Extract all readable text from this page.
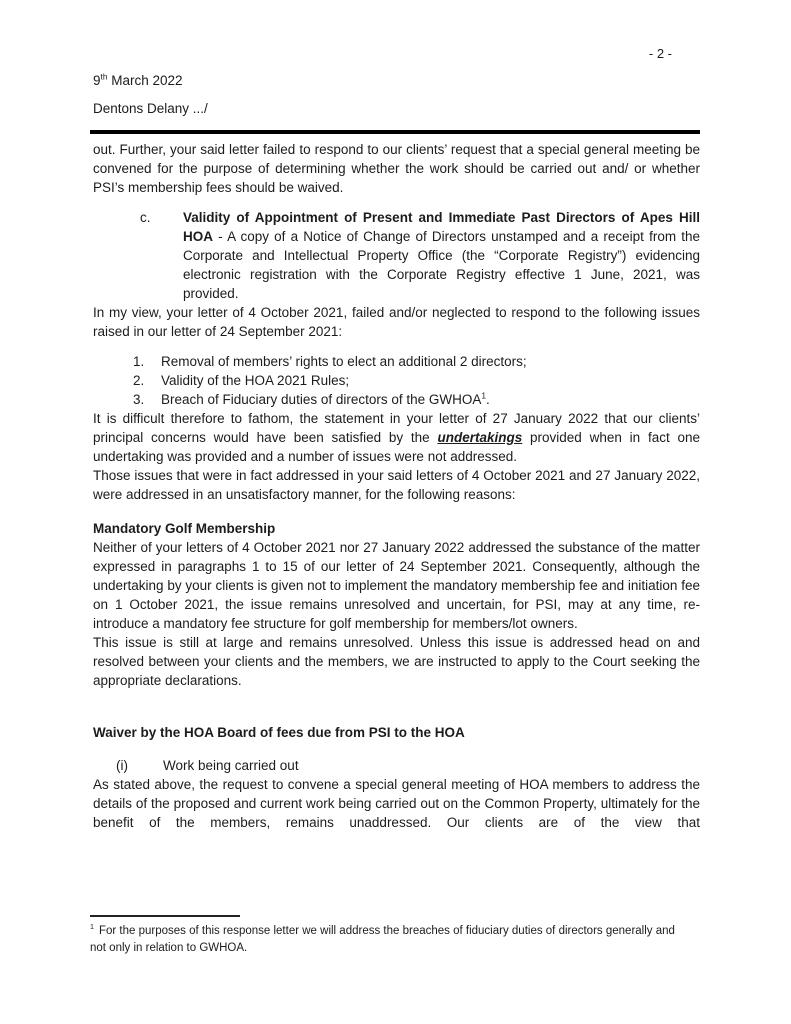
- 2 -
9th March 2022
Dentons Delany .../

out. Further, your said letter failed to respond to our clients’ request that a special general meeting be convened for the purpose of determining whether the work should be carried out and/ or whether PSI’s membership fees should be waived.

c.	Validity of Appointment of Present and Immediate Past Directors of Apes Hill HOA - A copy of a Notice of Change of Directors unstamped and a receipt from the Corporate and Intellectual Property Office (the “Corporate Registry”) evidencing electronic registration with the Corporate Registry effective 1 June, 2021, was provided.

In my view, your letter of 4 October 2021, failed and/or neglected to respond to the following issues raised in our letter of 24 September 2021:

1.	Removal of members’ rights to elect an additional 2 directors;
2.	Validity of the HOA 2021 Rules;
3.	Breach of Fiduciary duties of directors of the GWHOA$^1$.

It is difficult therefore to fathom, the statement in your letter of 27 January 2022 that our clients’ principal concerns would have been satisfied by the undertakings provided when in fact one undertaking was provided and a number of issues were not addressed.

Those issues that were in fact addressed in your said letters of 4 October 2021 and 27 January 2022, were addressed in an unsatisfactory manner, for the following reasons:

Mandatory Golf Membership

Neither of your letters of 4 October 2021 nor 27 January 2022 addressed the substance of the matter expressed in paragraphs 1 to 15 of our letter of 24 September 2021. Consequently, although the undertaking by your clients is given not to implement the mandatory membership fee and initiation fee on 1 October 2021, the issue remains unresolved and uncertain, for PSI, may at any time, re-introduce a mandatory fee structure for golf membership for members/lot owners.

This issue is still at large and remains unresolved. Unless this issue is addressed head on and resolved between your clients and the members, we are instructed to apply to the Court seeking the appropriate declarations.

Waiver by the HOA Board of fees due from PSI to the HOA
(i)	Work being carried out

As stated above, the request to convene a special general meeting of HOA members to address the details of the proposed and current work being carried out on the Common Property, ultimately for the benefit of the members, remains unaddressed. Our clients are of the view that

$^1$ For the purposes of this response letter we will address the breaches of fiduciary duties of directors generally and not only in relation to GWHOA.
